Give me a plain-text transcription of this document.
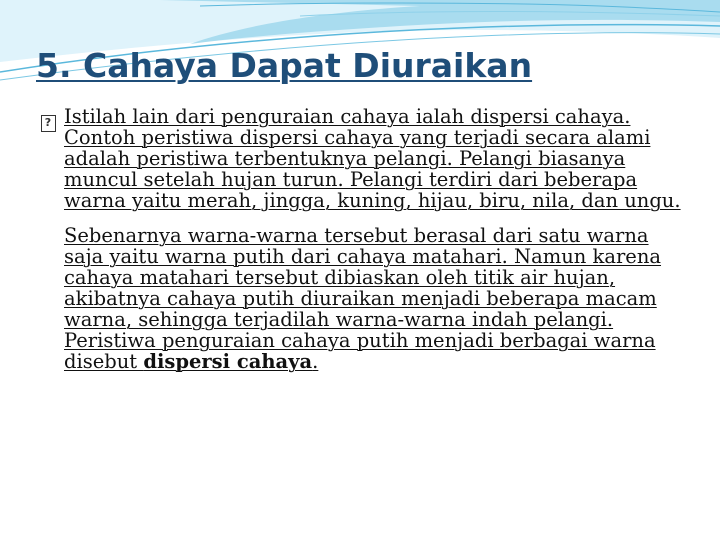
5. Cahaya Dapat Diuraikan

? Istilah lain dari penguraian cahaya ialah dispersi cahaya. Contoh peristiwa dispersi cahaya yang terjadi secara alami adalah peristiwa terbentuknya pelangi. Pelangi biasanya muncul setelah hujan turun. Pelangi terdiri dari beberapa warna yaitu merah, jingga, kuning, hijau, biru, nila, dan ungu.

Sebenarnya warna-warna tersebut berasal dari satu warna saja yaitu warna putih dari cahaya matahari. Namun karena cahaya matahari tersebut dibiaskan oleh titik air hujan, akibatnya cahaya putih diuraikan menjadi beberapa macam warna, sehingga terjadilah warna-warna indah pelangi. Peristiwa penguraian cahaya putih menjadi berbagai warna disebut dispersi cahaya.
